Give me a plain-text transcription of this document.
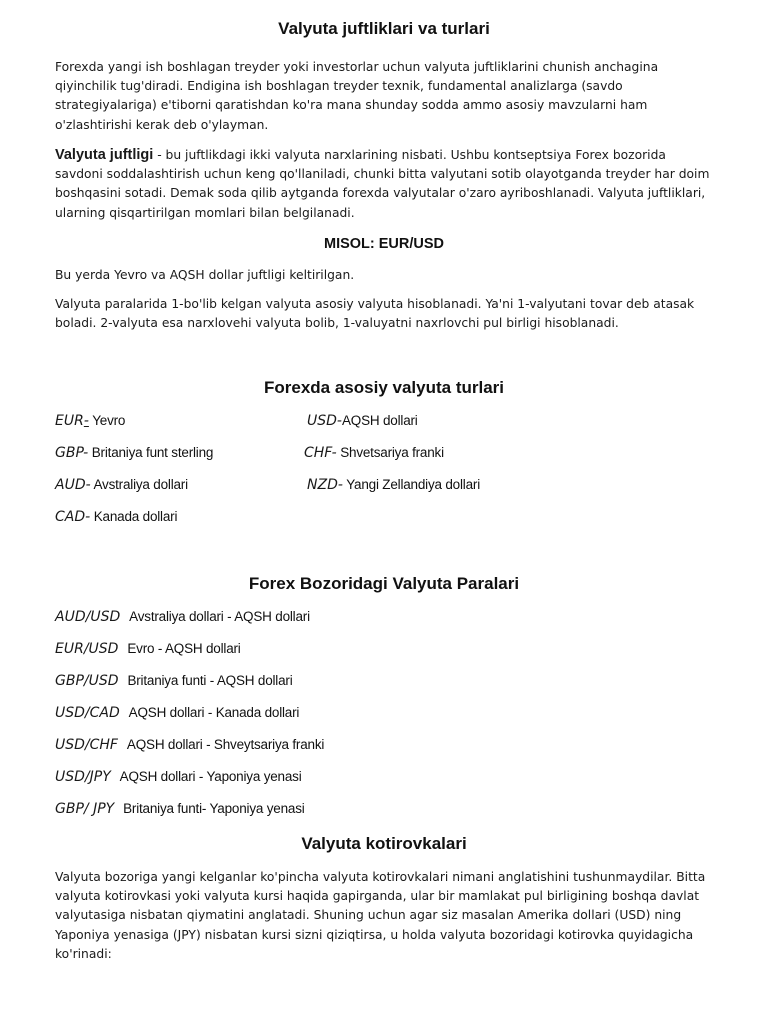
Valyuta juftliklari va turlari

Forexda yangi ish boshlagan treyder yoki investorlar uchun valyuta juftliklarini chunish anchagina qiyinchilik tug'diradi. Endigina ish boshlagan treyder texnik, fundamental analizlarga (savdo strategiyalariga) e'tiborni qaratishdan ko'ra mana shunday sodda ammo asosiy mavzularni ham o'zlashtirishi kerak deb o'ylayman.

Valyuta juftligi - bu juftlikdagi ikki valyuta narxlarining nisbati. Ushbu kontseptsiya Forex bozorida savdoni soddalashtirish uchun keng qo'llaniladi, chunki bitta valyutani sotib olayotganda treyder har doim boshqasini sotadi. Demak soda qilib aytganda forexda valyutalar o'zaro ayriboshlanadi. Valyuta juftliklari, ularning qisqartirilgan momlari bilan belgilanadi.

MISOL: EUR/USD

Bu yerda Yevro va AQSH dollar juftligi keltirilgan.

Valyuta paralarida 1-bo'lib kelgan valyuta asosiy valyuta hisoblanadi. Ya'ni 1-valyutani tovar deb atasak boladi. 2-valyuta esa narxlovehi valyuta bolib, 1-valuyatni naxrlovchi pul birligi hisoblanadi.

Forexda asosiy valyuta turlari
EUR- Yevro
GBP- Britaniya funt sterling
AUD- Avstraliya dollari
CAD- Kanada dollari
USD-AQSH dollari
CHF- Shvetsariya franki
NZD- Yangi Zellandiya dollari
Forex Bozoridagi Valyuta Paralari
AUD/USD Avstraliya dollari - AQSH dollari
EUR/USD  Evro - AQSH dollari
GBP/USD Britaniya funti - AQSH dollari
USD/CAD AQSH dollari - Kanada dollari
USD/CHF AQSH dollari - Shveytsariya franki
USD/JPY AQSH dollari - Yaponiya yenasi
GBP/ JPY Britaniya funti- Yaponiya yenasi
Valyuta kotirovkalari

Valyuta bozoriga yangi kelganlar ko'pincha valyuta kotirovkalari nimani anglatishini tushunmaydilar. Bitta valyuta kotirovkasi yoki valyuta kursi haqida gapirganda, ular bir mamlakat pul birligining boshqa davlat valyutasiga nisbatan qiymatini anglatadi. Shuning uchun agar siz masalan Amerika dollari (USD) ning Yaponiya yenasiga (JPY) nisbatan kursi sizni qiziqtirsa, u holda valyuta bozoridagi kotirovka quyidagicha ko'rinadi:
